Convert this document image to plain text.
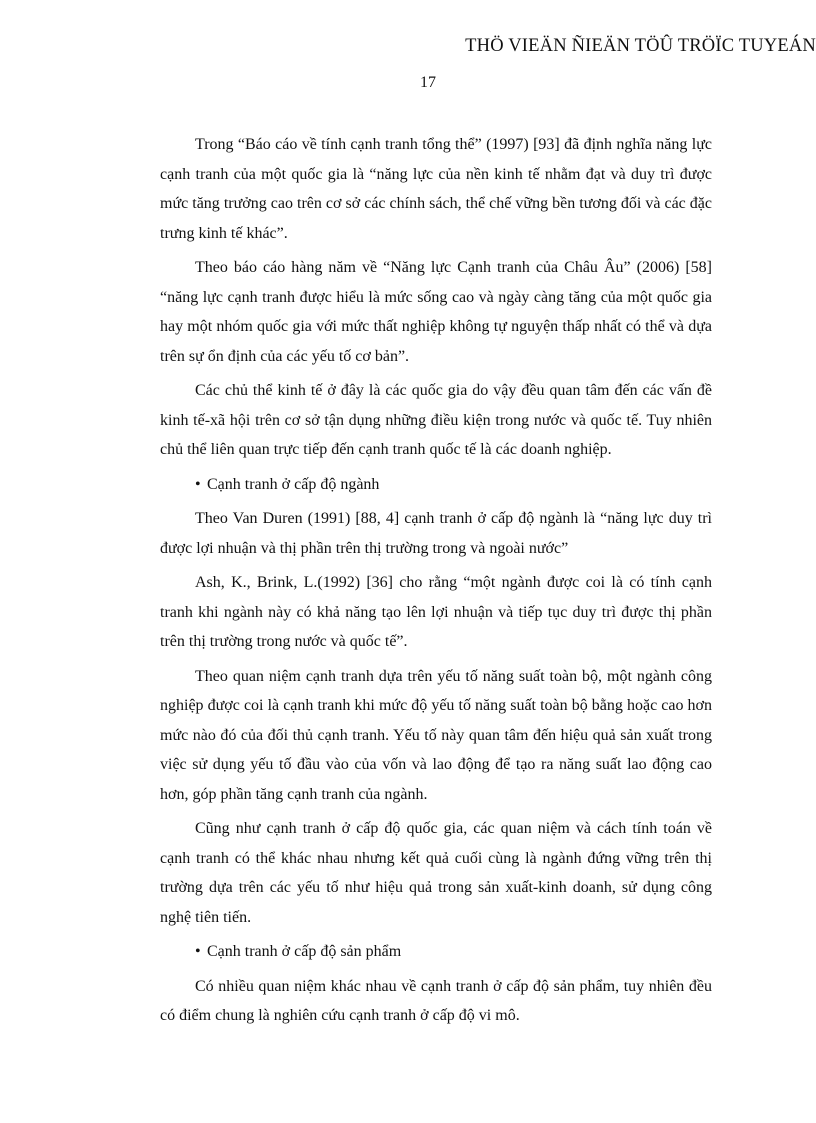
THÖ VIEÄN ÑIEÄN TÖÛ TRÖÏC TUYEÁN
17

Trong “Báo cáo về tính cạnh tranh tổng thể” (1997) [93] đã định nghĩa năng lực cạnh tranh của một quốc gia là “năng lực của nền kinh tế nhằm đạt và duy trì được mức tăng trưởng cao trên cơ sở các chính sách, thể chế vững bền tương đối và các đặc trưng kinh tế khác”.

Theo báo cáo hàng năm về “Năng lực Cạnh tranh của Châu Âu” (2006) [58] “năng lực cạnh tranh được hiểu là mức sống cao và ngày càng tăng của một quốc gia hay một nhóm quốc gia với mức thất nghiệp không tự nguyện thấp nhất có thể và dựa trên sự ổn định của các yếu tố cơ bản”.

Các chủ thể kinh tế ở đây là các quốc gia do vậy đều quan tâm đến các vấn đề kinh tế-xã hội trên cơ sở tận dụng những điều kiện trong nước và quốc tế. Tuy nhiên chủ thể liên quan trực tiếp đến cạnh tranh quốc tế là các doanh nghiệp.

• Cạnh tranh ở cấp độ ngành

Theo Van Duren (1991) [88, 4] cạnh tranh ở cấp độ ngành là “năng lực duy trì được lợi nhuận và thị phần trên thị trường trong và ngoài nước”

Ash, K., Brink, L.(1992) [36] cho rằng “một ngành được coi là có tính cạnh tranh khi ngành này có khả năng tạo lên lợi nhuận và tiếp tục duy trì được thị phần trên thị trường trong nước và quốc tế”.

Theo quan niệm cạnh tranh dựa trên yếu tố năng suất toàn bộ, một ngành công nghiệp được coi là cạnh tranh khi mức độ yếu tố năng suất toàn bộ bằng hoặc cao hơn mức nào đó của đối thủ cạnh tranh. Yếu tố này quan tâm đến hiệu quả sản xuất trong việc sử dụng yếu tố đầu vào của vốn và lao động để tạo ra năng suất lao động cao hơn, góp phần tăng cạnh tranh của ngành.

Cũng như cạnh tranh ở cấp độ quốc gia, các quan niệm và cách tính toán về cạnh tranh có thể khác nhau nhưng kết quả cuối cùng là ngành đứng vững trên thị trường dựa trên các yếu tố như hiệu quả trong sản xuất-kinh doanh, sử dụng công nghệ tiên tiến.

• Cạnh tranh ở cấp độ sản phẩm

Có nhiều quan niệm khác nhau về cạnh tranh ở cấp độ sản phẩm, tuy nhiên đều có điểm chung là nghiên cứu cạnh tranh ở cấp độ vi mô.
